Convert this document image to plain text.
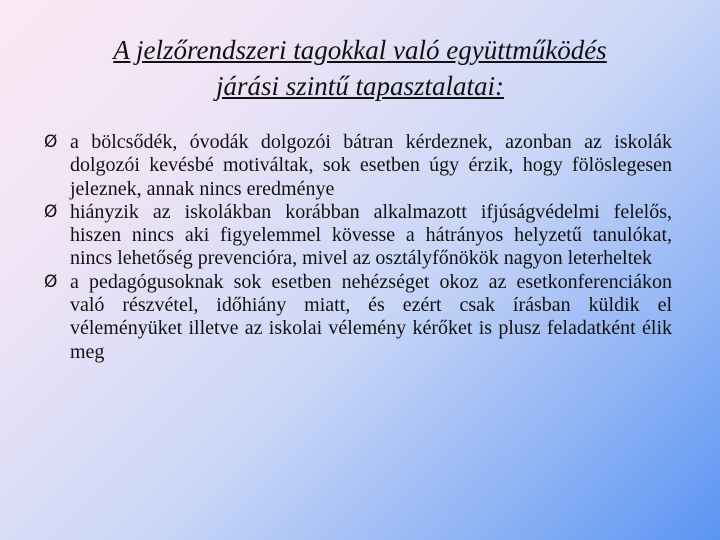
A jelzőrendszeri tagokkal való együttműködés
járási szintű tapasztalatai:
Ø a bölcsődék, óvodák dolgozói bátran kérdeznek, azonban az iskolák dolgozói kevésbé motiváltak, sok esetben úgy érzik, hogy fölöslegesen jeleznek, annak nincs eredménye
Ø hiányzik az iskolákban korábban alkalmazott ifjúságvédelmi felelős, hiszen nincs aki figyelemmel kövesse a hátrányos helyzetű tanulókat, nincs lehetőség prevencióra, mivel az osztályfőnökök nagyon leterheltek
Ø a pedagógusoknak sok esetben nehézséget okoz az esetkonferenciákon való részvétel, időhiány miatt, és ezért csak írásban küldik el véleményüket illetve az iskolai vélemény kérőket is plusz feladatként élik meg
